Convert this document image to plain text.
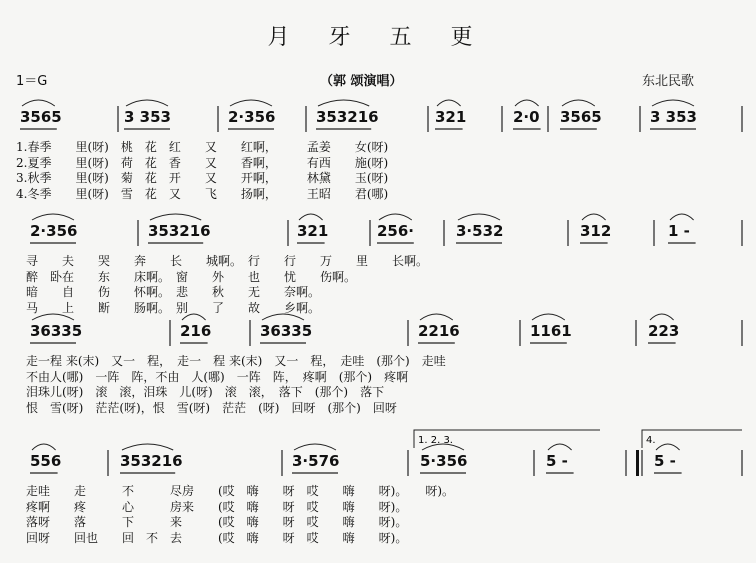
月 牙 五 更
1＝G	（郭 颂演唱）	东北民歌
3565	3 353	2·356	353216	321	2·0 3565	3 353
1.春季　　里(呀)　桃　花　红　　又　　红啊，　　　孟姜　　女(呀)
2.夏季　　里(呀)　荷　花　香　　又　　香啊，　　　有西　　施(呀)
3.秋季　　里(呀)　菊　花　开　　又　　开啊，　　　林黛　　玉(呀)
4.冬季　　里(呀)　雪　花　又　　飞　　扬啊，　　　王昭　　君(哪)
2·356	353216	321	256·	3·532	312	1 -
寻　　夫　　哭　　奔　　长　　城啊。　行　　行　　万　　里　　长啊。
醉　卧在　　东　　床啊。　窗　　外　　也　　忧　　伤啊。
暗　　自　　伤　　怀啊。　悲　　秋　　无　　奈啊。
马　　上　　断　　肠啊。　别　　了　　故　　乡啊。
36335	216	36335	2216	1161	223
走一程 来(末)　又一　程，　走一　程 来(末)　又一　程，　走哇　(那个)　走哇
不由人(哪)　一阵　阵，不由　人(哪)　一阵　阵，　疼啊　(那个)　疼啊
泪珠儿(呀)　滚　滚，泪珠　儿(呀)　滚　滚，　落下　(那个)　落下
恨　雪(呀)　茫茫(呀)，恨　雪(呀)　茫茫　(呀)　回呀　(那个)　回呀
556	353216	3·576	5·356	5 -	5 -
走哇　　走　　　不　　　尽房　　(哎　嗨　　呀　哎　　嗨　　呀)。　　呀)。
疼啊　　疼　　　心　　　房来　　(哎　嗨　　呀　哎　　嗨　　呀)。
落呀　　落　　　下　　　来　　　(哎　嗨　　呀　哎　　嗨　　呀)。
回呀　　回也　　回　不　去　　　(哎　嗨　　呀　哎　　嗨　　呀)。
1. 2. 3.	4.
